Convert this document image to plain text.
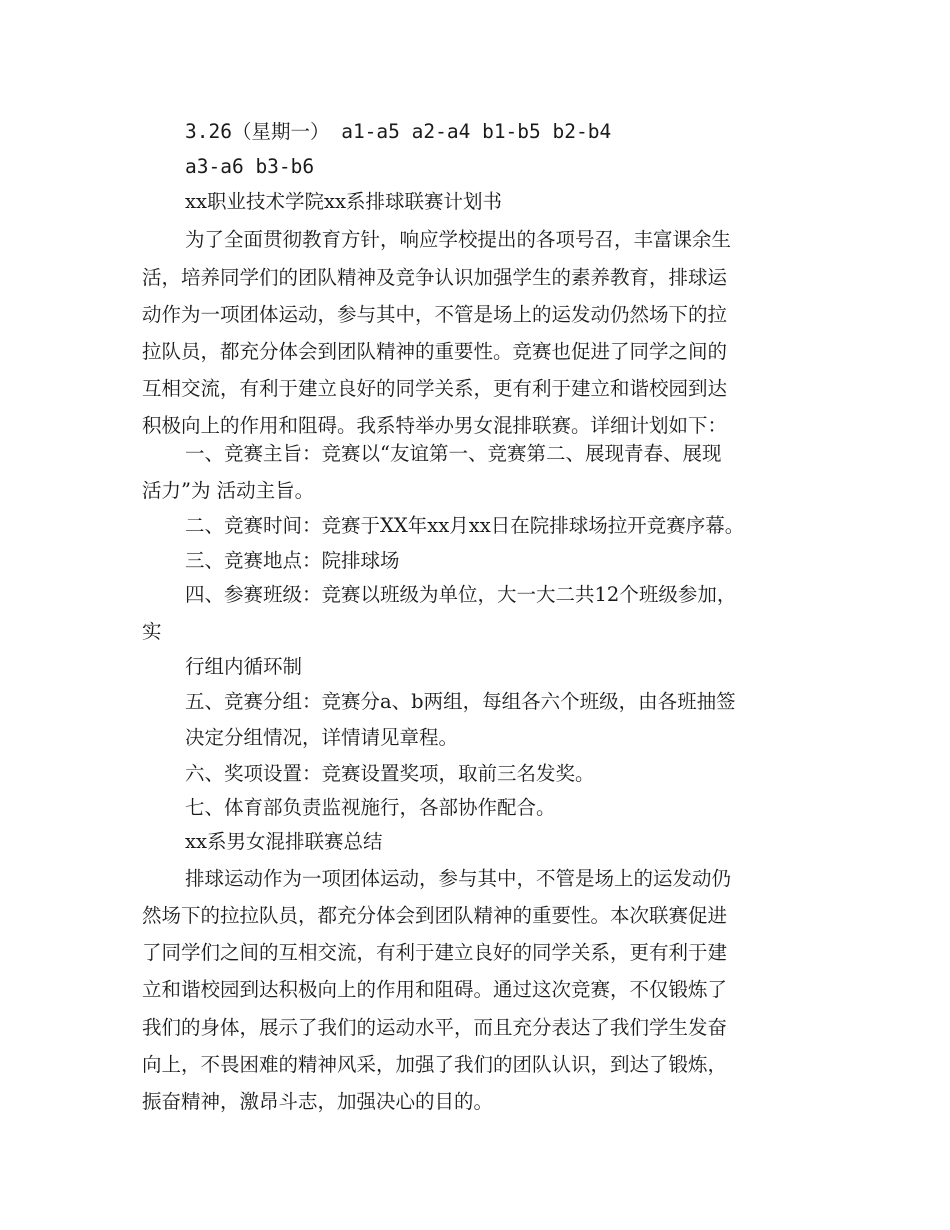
3.26（星期一） a1-a5 a2-a4 b1-b5 b2-b4

a3-a6 b3-b6

xx职业技术学院xx系排球联赛计划书

为了全面贯彻教育方针，响应学校提出的各项号召，丰富课余生

活，培养同学们的团队精神及竞争认识加强学生的素养教育，排球运

动作为一项团体运动，参与其中，不管是场上的运发动仍然场下的拉

拉队员，都充分体会到团队精神的重要性。竞赛也促进了同学之间的

互相交流，有利于建立良好的同学关系，更有利于建立和谐校园到达

积极向上的作用和阻碍。我系特举办男女混排联赛。详细计划如下：

一、竞赛主旨：竞赛以“友谊第一、竞赛第二、展现青春、展现

活力”为 活动主旨。

二、竞赛时间：竞赛于XX年xx月xx日在院排球场拉开竞赛序幕。

三、竞赛地点：院排球场

四、参赛班级：竞赛以班级为单位，大一大二共12个班级参加，

实

行组内循环制

五、竞赛分组：竞赛分a、b两组，每组各六个班级，由各班抽签

决定分组情况，详情请见章程。

六、奖项设置：竞赛设置奖项，取前三名发奖。

七、体育部负责监视施行，各部协作配合。

xx系男女混排联赛总结

排球运动作为一项团体运动，参与其中，不管是场上的运发动仍

然场下的拉拉队员，都充分体会到团队精神的重要性。本次联赛促进

了同学们之间的互相交流，有利于建立良好的同学关系，更有利于建

立和谐校园到达积极向上的作用和阻碍。通过这次竞赛，不仅锻炼了

我们的身体，展示了我们的运动水平，而且充分表达了我们学生发奋

向上，不畏困难的精神风采，加强了我们的团队认识，到达了锻炼，

振奋精神，激昂斗志，加强决心的目的。
